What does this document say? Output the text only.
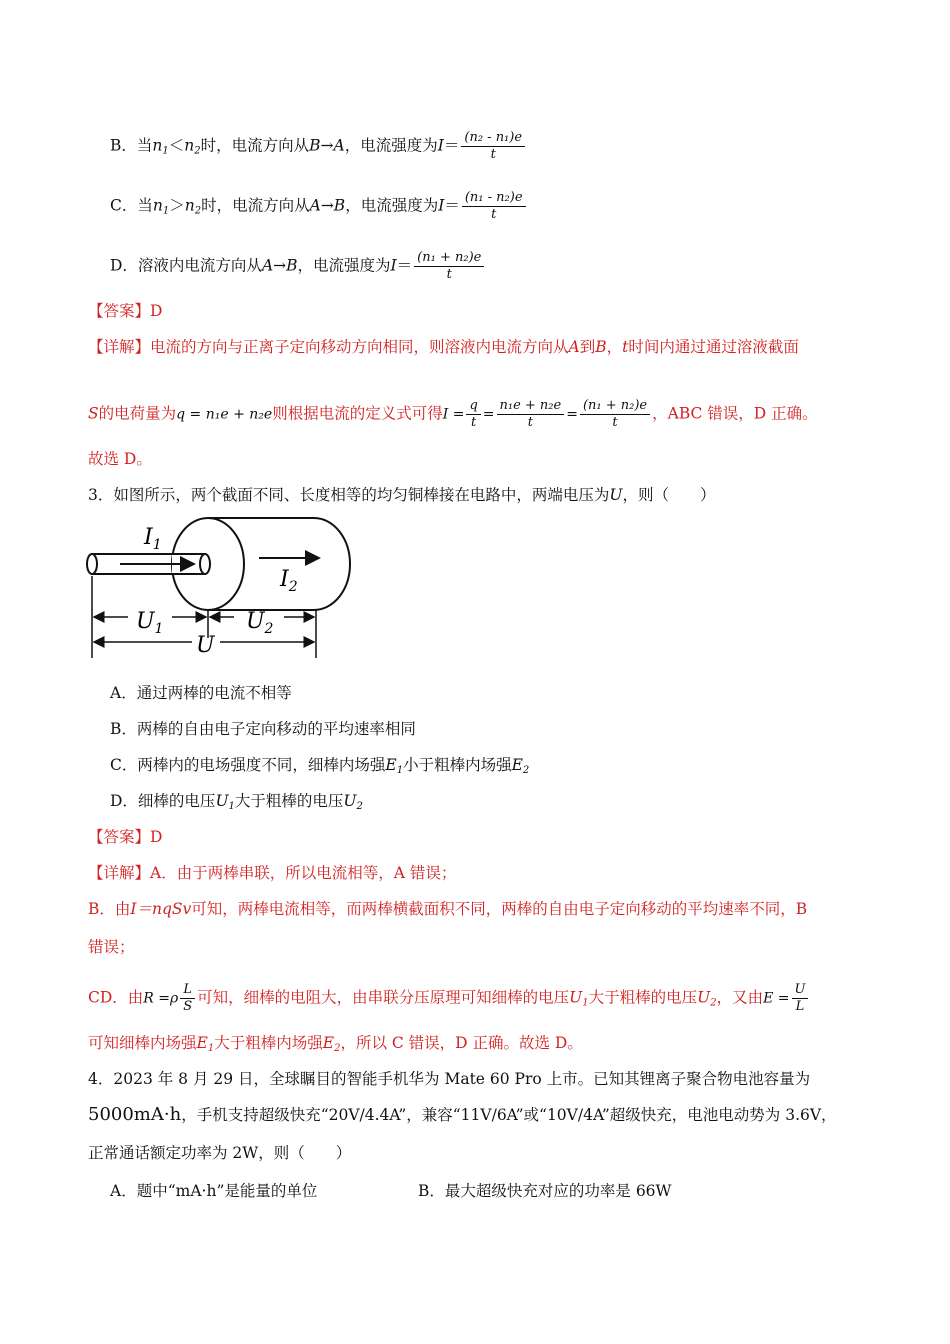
B．当$n_1<n_2$时，电流方向从B→A，电流强度为$I= \frac{\text{(n₂ - n₁)e}}{t}$
C．当$n_1>n_2$时，电流方向从A→B，电流强度为$I= \frac{\text{(n₁ - n₂)e}}{t}$
D．溶液内电流方向从A→B，电流强度为$I= \frac{\text{(n₁ + n₂)e}}{t}$
【答案】D
【详解】电流的方向与正离子定向移动方向相同，则溶液内电流方向从A到B，t时间内通过通过溶液截面
S的电荷量为q = n₁e + n₂e则根据电流的定义式可得$I = \frac{q}{t} = \frac{\text{n₁e + n₂e}}{t} = \frac{\text{(n₁ + n₂)e}}{t}$ ，ABC 错误，D 正确。
故选 D。
3．如图所示，两个截面不同、长度相等的均匀铜棒接在电路中，两端电压为U，则（　　）
$I_1$
$I_2$
$U_1$	$U_2$
U
A．通过两棒的电流不相等
B．两棒的自由电子定向移动的平均速率相同
C．两棒内的电场强度不同，细棒内场强$E_1$小于粗棒内场强$E_2$
D．细棒的电压$U_1$大于粗棒的电压$U_2$
【答案】D
【详解】A．由于两棒串联，所以电流相等，A 错误；
B．由I＝nqSv可知，两棒电流相等，而两棒横截面积不同，两棒的自由电子定向移动的平均速率不同，B
错误；
CD．由$R =\rho \frac{L}{S}$ 可知，细棒的电阻大，由串联分压原理可知细棒的电压$U_1$大于粗棒的电压$U_2$，又由$E = \frac{U}{L}$
可知细棒内场强$E_1$大于粗棒内场强$E_2$，所以 C 错误，D 正确。故选 D。
4．2023 年 8 月 29 日，全球瞩目的智能手机华为 Mate 60 Pro 上市。已知其锂离子聚合物电池容量为
5000mA·h，手机支持超级快充“20V/4.4A”，兼容“11V/6A”或“10V/4A”超级快充，电池电动势为 3.6V，
正常通话额定功率为 2W，则（　　）
A．题中“mA·h”是能量的单位	B．最大超级快充对应的功率是 66W
